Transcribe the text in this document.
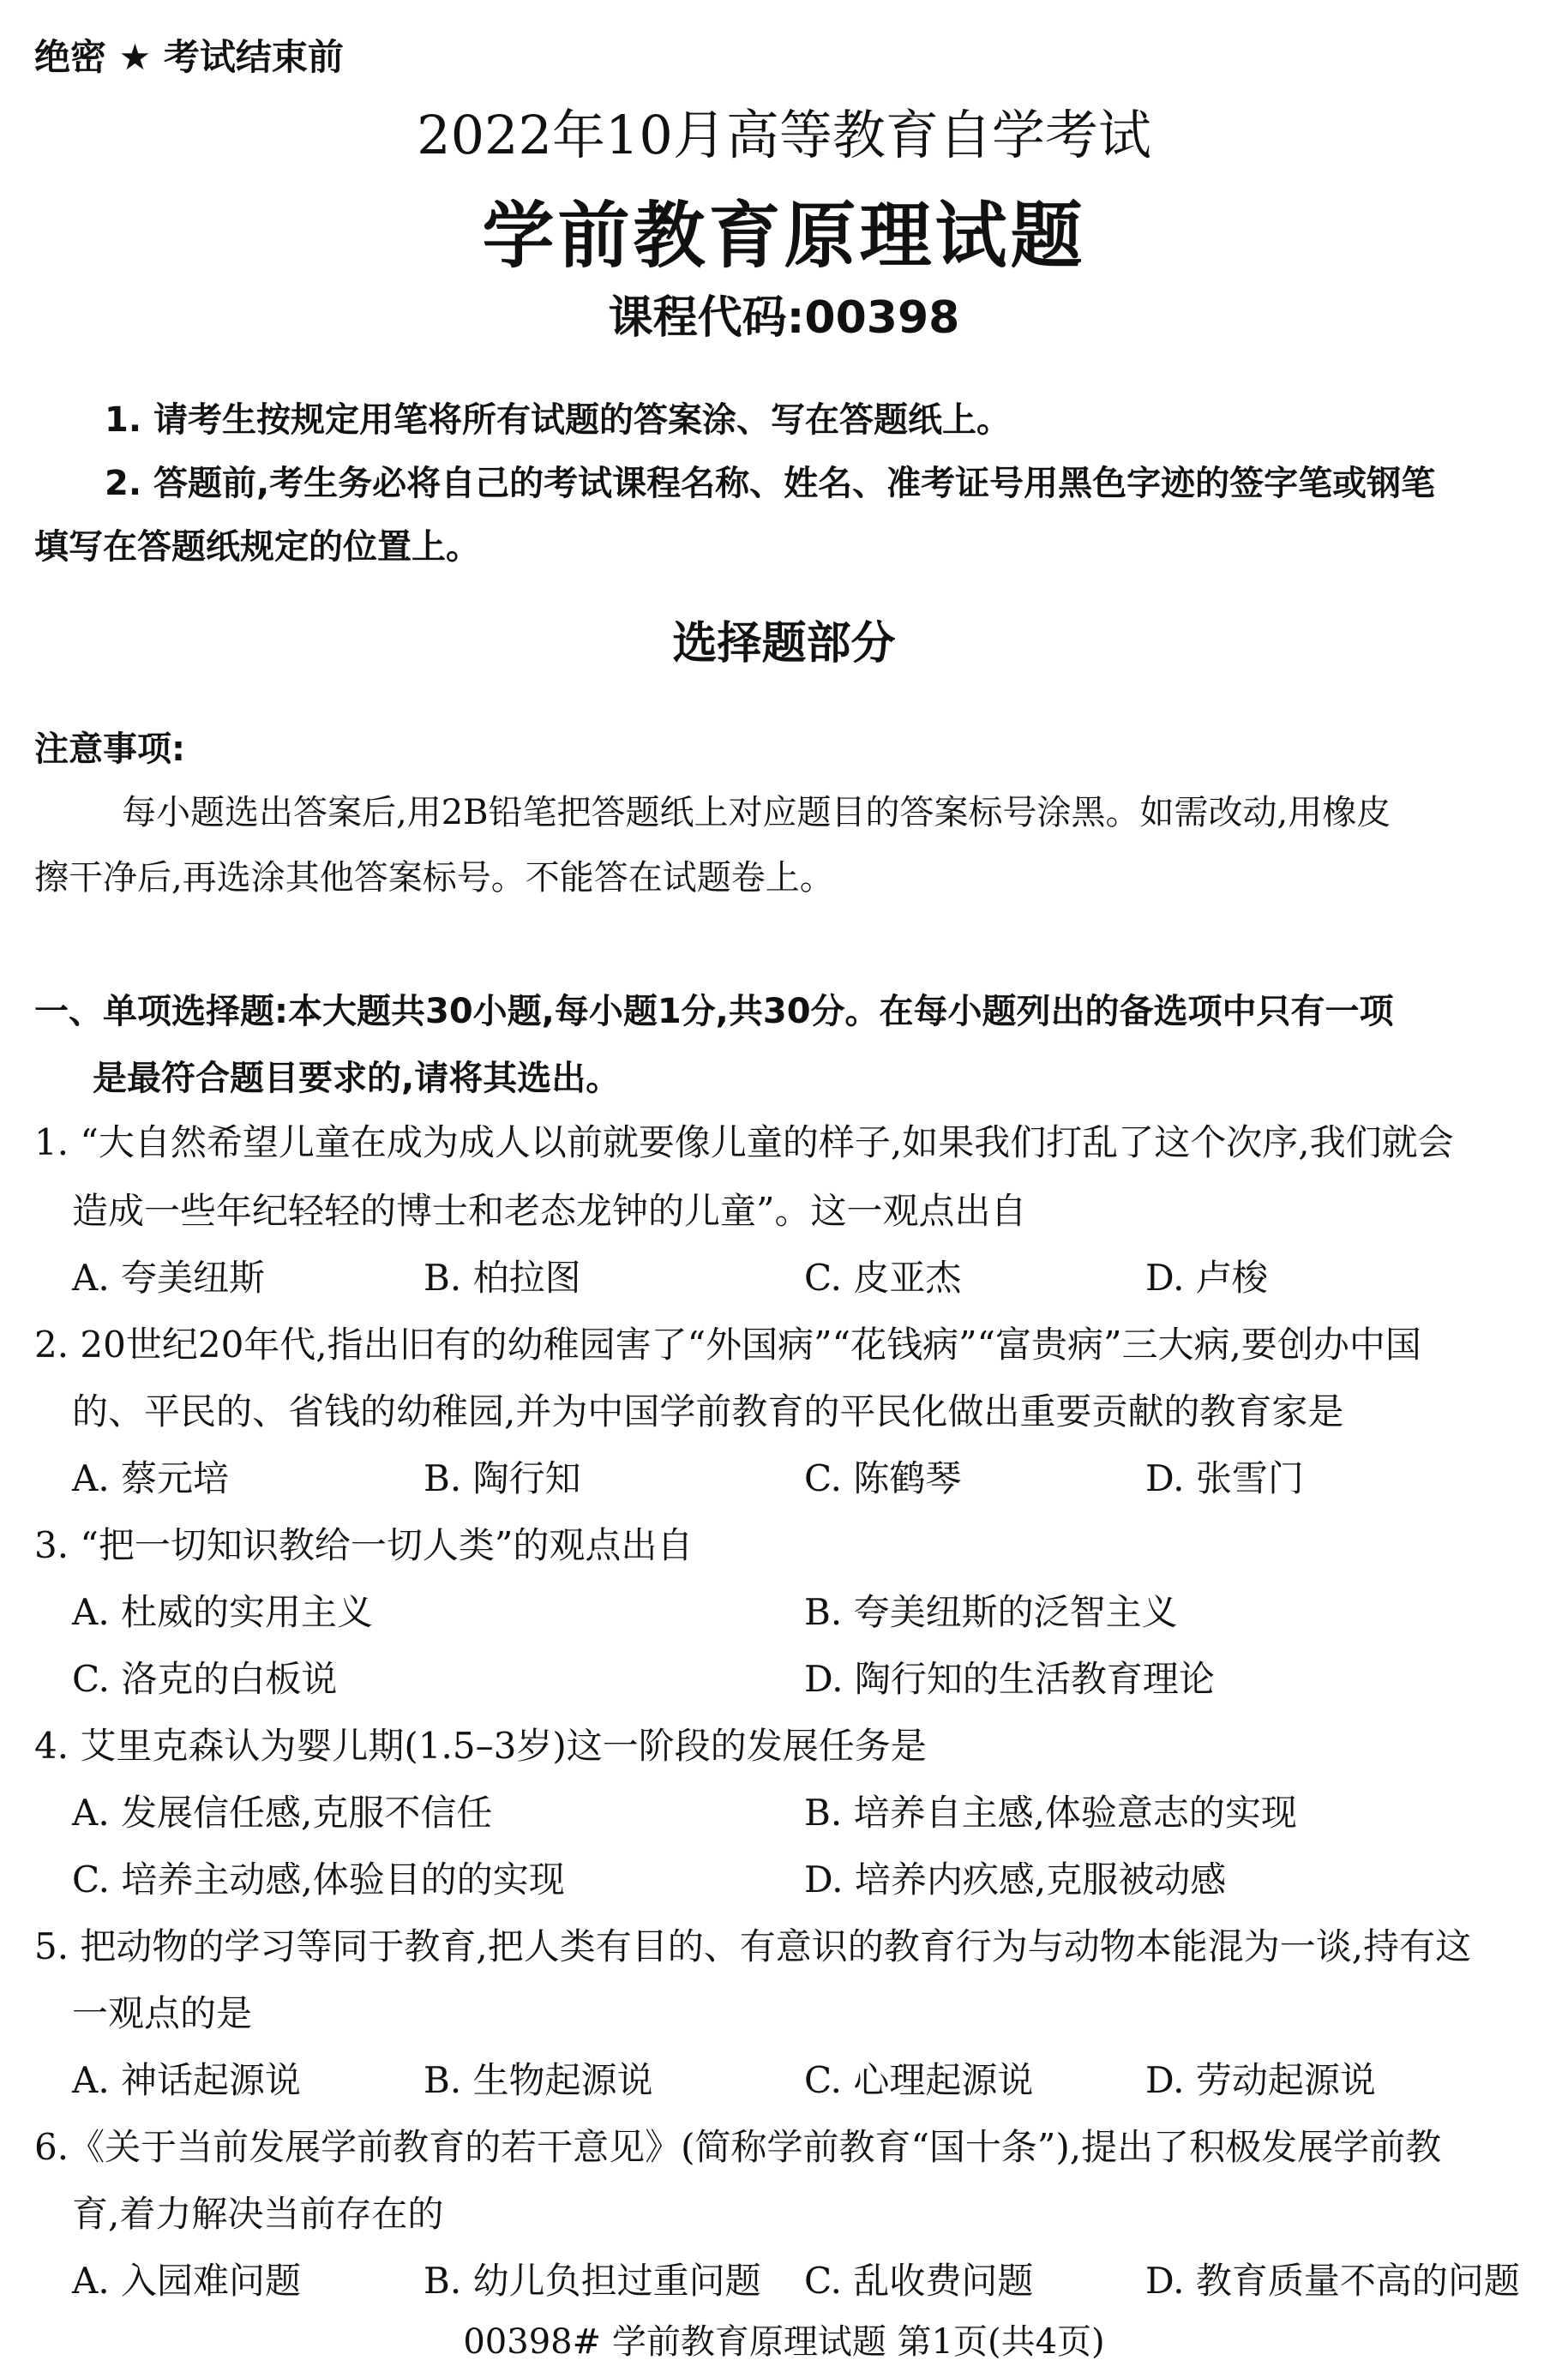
绝密 ★ 考试结束前
2022年10月高等教育自学考试
学前教育原理试题
课程代码:00398
1. 请考生按规定用笔将所有试题的答案涂、写在答题纸上。
2. 答题前,考生务必将自己的考试课程名称、姓名、准考证号用黑色字迹的签字笔或钢笔
填写在答题纸规定的位置上。
选择题部分
注意事项:
每小题选出答案后,用2B铅笔把答题纸上对应题目的答案标号涂黑。如需改动,用橡皮
擦干净后,再选涂其他答案标号。不能答在试题卷上。
一、单项选择题:本大题共30小题,每小题1分,共30分。在每小题列出的备选项中只有一项
是最符合题目要求的,请将其选出。
1. “大自然希望儿童在成为成人以前就要像儿童的样子,如果我们打乱了这个次序,我们就会
造成一些年纪轻轻的博士和老态龙钟的儿童”。这一观点出自
A. 夸美纽斯	B. 柏拉图	C. 皮亚杰	D. 卢梭
2. 20世纪20年代,指出旧有的幼稚园害了“外国病”“花钱病”“富贵病”三大病,要创办中国
的、平民的、省钱的幼稚园,并为中国学前教育的平民化做出重要贡献的教育家是
A. 蔡元培	B. 陶行知	C. 陈鹤琴	D. 张雪门
3. “把一切知识教给一切人类”的观点出自
A. 杜威的实用主义	B. 夸美纽斯的泛智主义
C. 洛克的白板说	D. 陶行知的生活教育理论
4. 艾里克森认为婴儿期(1.5–3岁)这一阶段的发展任务是
A. 发展信任感,克服不信任	B. 培养自主感,体验意志的实现
C. 培养主动感,体验目的的实现	D. 培养内疚感,克服被动感
5. 把动物的学习等同于教育,把人类有目的、有意识的教育行为与动物本能混为一谈,持有这
一观点的是
A. 神话起源说	B. 生物起源说	C. 心理起源说	D. 劳动起源说
6.《关于当前发展学前教育的若干意见》(简称学前教育“国十条”),提出了积极发展学前教
育,着力解决当前存在的
A. 入园难问题	B. 幼儿负担过重问题 C. 乱收费问题	D. 教育质量不高的问题
00398# 学前教育原理试题 第1页(共4页)
